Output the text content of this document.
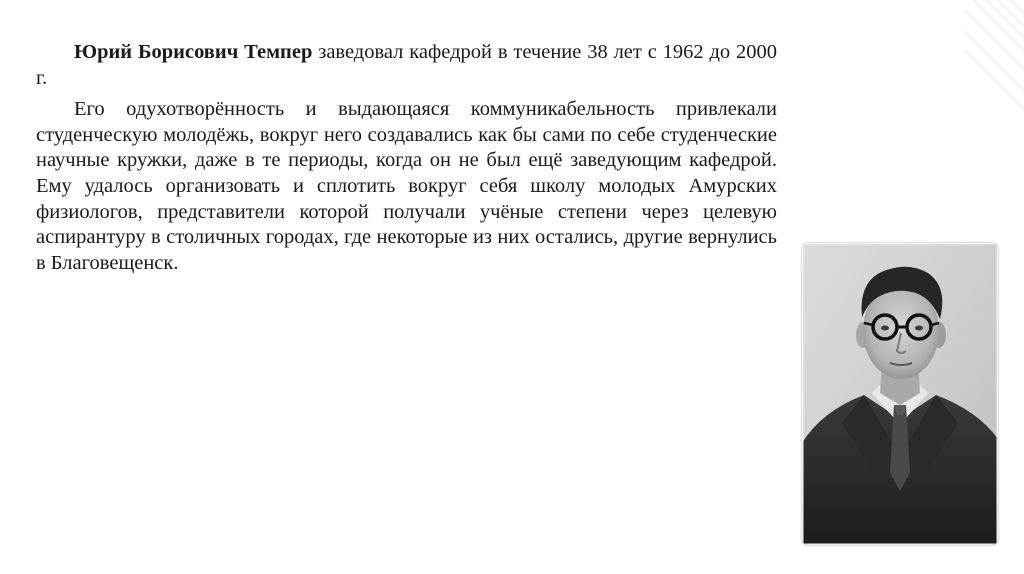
Юрий Борисович Темпер заведовал кафедрой в течение 38 лет с 1962 до 2000 г.

Его одухотворённость и выдающаяся коммуникабельность привлекали студенческую молодёжь, вокруг него создавались как бы сами по себе студенческие научные кружки, даже в те периоды, когда он не был ещё заведующим кафедрой. Ему удалось организовать и сплотить вокруг себя школу молодых Амурских физиологов, представители которой получали учёные степени через целевую аспирантуру в столичных городах, где некоторые из них остались, другие вернулись в Благовещенск.
